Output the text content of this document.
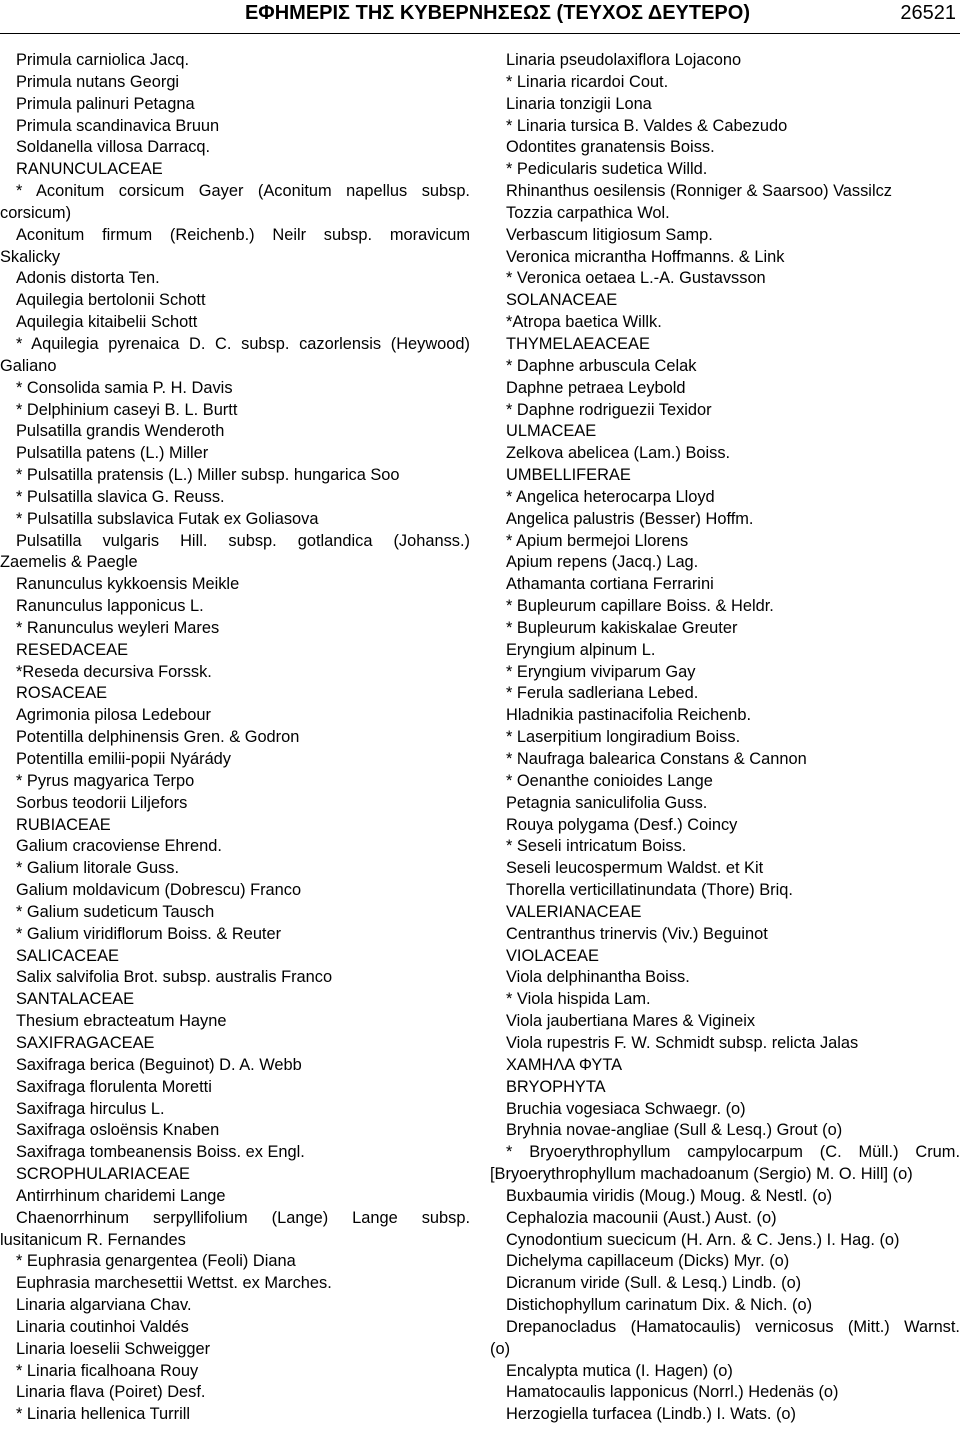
ΕΦΗΜΕΡΙΣ ΤΗΣ ΚΥΒΕΡΝΗΣΕΩΣ (ΤΕΥΧΟΣ ΔΕΥΤΕΡΟ)	26521
Primula carniolica Jacq.
Primula nutans Georgi
Primula palinuri Petagna
Primula scandinavica Bruun
Soldanella villosa Darracq.
RANUNCULACEAE
* Aconitum corsicum Gayer (Aconitum napellus subsp.
corsicum)
Aconitum firmum (Reichenb.) Neilr subsp. moravicum
Skalicky
Adonis distorta Ten.
Aquilegia bertolonii Schott
Aquilegia kitaibelii Schott
* Aquilegia pyrenaica D. C. subsp. cazorlensis (Heywood)
Galiano
* Consolida samia P. H. Davis
* Delphinium caseyi B. L. Burtt
Pulsatilla grandis Wenderoth
Pulsatilla patens (L.) Miller
* Pulsatilla pratensis (L.) Miller subsp. hungarica Soo
* Pulsatilla slavica G. Reuss.
* Pulsatilla subslavica Futak ex Goliasova
Pulsatilla vulgaris Hill. subsp. gotlandica (Johanss.)
Zaemelis & Paegle
Ranunculus kykkoensis Meikle
Ranunculus lapponicus L.
* Ranunculus weyleri Mares
RESEDACEAE
*Reseda decursiva Forssk.
ROSACEAE
Agrimonia pilosa Ledebour
Potentilla delphinensis Gren. & Godron
Potentilla emilii-popii Nyárády
* Pyrus magyarica Terpo
Sorbus teodorii Liljefors
RUBIACEAE
Galium cracoviense Ehrend.
* Galium litorale Guss.
Galium moldavicum (Dobrescu) Franco
* Galium sudeticum Tausch
* Galium viridiflorum Boiss. & Reuter
SALICACEAE
Salix salvifolia Brot. subsp. australis Franco
SANTALACEAE
Thesium ebracteatum Hayne
SAXIFRAGACEAE
Saxifraga berica (Beguinot) D. A. Webb
Saxifraga florulenta Moretti
Saxifraga hirculus L.
Saxifraga osloënsis Knaben
Saxifraga tombeanensis Boiss. ex Engl.
SCROPHULARIACEAE
Antirrhinum charidemi Lange
Chaenorrhinum serpyllifolium (Lange) Lange subsp.
lusitanicum R. Fernandes
* Euphrasia genargentea (Feoli) Diana
Euphrasia marchesettii Wettst. ex Marches.
Linaria algarviana Chav.
Linaria coutinhoi Valdés
Linaria loeselii Schweigger
* Linaria ficalhoana Rouy
Linaria flava (Poiret) Desf.
* Linaria hellenica Turrill
Linaria pseudolaxiflora Lojacono
* Linaria ricardoi Cout.
Linaria tonzigii Lona
* Linaria tursica B. Valdes & Cabezudo
Odontites granatensis Boiss.
* Pedicularis sudetica Willd.
Rhinanthus oesilensis (Ronniger & Saarsoo) Vassilcz
Tozzia carpathica Wol.
Verbascum litigiosum Samp.
Veronica micrantha Hoffmanns. & Link
* Veronica oetaea L.-A. Gustavsson
SOLANACEAE
*Atropa baetica Willk.
THYMELAEACEAE
* Daphne arbuscula Celak
Daphne petraea Leybold
* Daphne rodriguezii Texidor
ULMACEAE
Zelkova abelicea (Lam.) Boiss.
UMBELLIFERAE
* Angelica heterocarpa Lloyd
Angelica palustris (Besser) Hoffm.
* Apium bermejoi Llorens
Apium repens (Jacq.) Lag.
Athamanta cortiana Ferrarini
* Bupleurum capillare Boiss. & Heldr.
* Bupleurum kakiskalae Greuter
Eryngium alpinum L.
* Eryngium viviparum Gay
* Ferula sadleriana Lebed.
Hladnikia pastinacifolia Reichenb.
* Laserpitium longiradium Boiss.
* Naufraga balearica Constans & Cannon
* Oenanthe conioides Lange
Petagnia saniculifolia Guss.
Rouya polygama (Desf.) Coincy
* Seseli intricatum Boiss.
Seseli leucospermum Waldst. et Kit
Thorella verticillatinundata (Thore) Briq.
VALERIANACEAE
Centranthus trinervis (Viv.) Beguinot
VIOLACEAE
Viola delphinantha Boiss.
* Viola hispida Lam.
Viola jaubertiana Mares & Vigineix
Viola rupestris F. W. Schmidt subsp. relicta Jalas
ΧΑΜΗΛΑ ΦΥΤΑ
BRYOPHYTA
Bruchia vogesiaca Schwaegr. (o)
Bryhnia novae-angliae (Sull & Lesq.) Grout (o)
* Bryoerythrophyllum campylocarpum (C. Müll.) Crum.
[Bryoerythrophyllum machadoanum (Sergio) M. O. Hill] (o)
Buxbaumia viridis (Moug.) Moug. & Nestl. (o)
Cephalozia macounii (Aust.) Aust. (o)
Cynodontium suecicum (H. Arn. & C. Jens.) I. Hag. (o)
Dichelyma capillaceum (Dicks) Myr. (o)
Dicranum viride (Sull. & Lesq.) Lindb. (o)
Distichophyllum carinatum Dix. & Nich. (o)
Drepanocladus (Hamatocaulis) vernicosus (Mitt.) Warnst.
(o)
Encalypta mutica (I. Hagen) (o)
Hamatocaulis lapponicus (Norrl.) Hedenäs (o)
Herzogiella turfacea (Lindb.) I. Wats. (o)
